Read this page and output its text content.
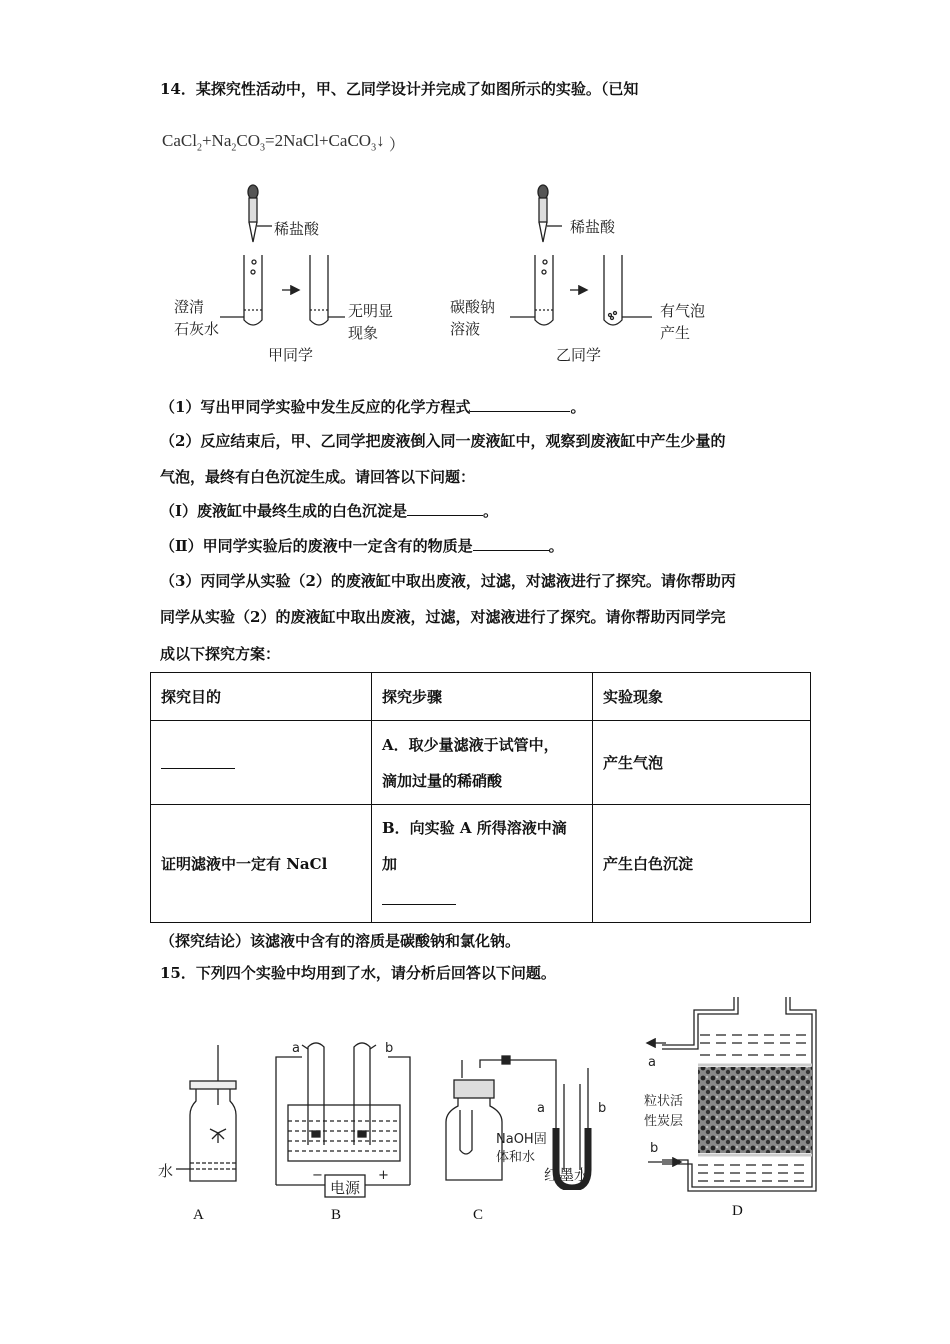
14．某探究性活动中，甲、乙同学设计并完成了如图所示的实验。（已知
$CaCl_2+Na_2CO_3=2NaCl+CaCO_3↓$ ）
稀盐酸
澄清
石灰水
无明显
现象
甲同学
稀盐酸
碳酸钠
溶液
有气泡
产生
乙同学
（1）写出甲同学实验中发生反应的化学方程式	。
（2）反应结束后，甲、乙同学把废液倒入同一废液缸中，观察到废液缸中产生少量的
气泡，最终有白色沉淀生成。请回答以下问题：
（Ⅰ）废液缸中最终生成的白色沉淀是	。
（Ⅱ）甲同学实验后的废液中一定含有的物质是	。
（3）丙同学从实验（2）的废液缸中取出废液，过滤，对滤液进行了探究。请你帮助丙
同学从实验（2）的废液缸中取出废液，过滤，对滤液进行了探究。请你帮助丙同学完
成以下探究方案：
探究目的	探究步骤	实验现象

	A．取少量滤液于试管中，
滴加过量的稀硝酸	产生气泡
证明滤液中一定有 NaCl	B．向实验 A 所得溶液中滴
加	产生白色沉淀
（探究结论）该滤液中含有的溶质是碳酸钠和氯化钠。
15．下列四个实验中均用到了水，请分析后回答以下问题。
水
A
a	b
−	+
电源
B
NaOH固
体和水
a	b
红墨水
C
a
b
粒状活
性炭层
D
